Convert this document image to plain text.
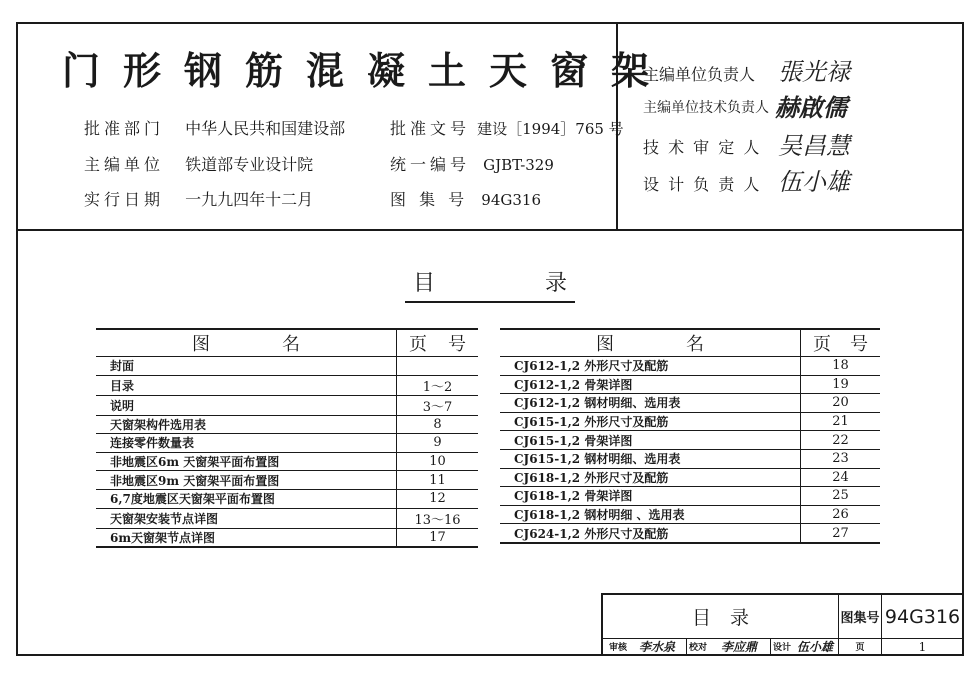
门 形 钢 筋 混 凝 土 天 窗 架
批准部门 中华人民共和国建设部
主编单位 铁道部专业设计院
实行日期 一九九四年十二月
批准文号 建设［1994］765 号
统一编号 GJBT-329
图 集 号 94G316
主编单位负责人 張光禄
主编单位技术负责人 赫啟儒
技 术 审 定 人 吴昌慧
设 计 负 责 人 伍小雄
目	录
图 名	页 号

封面	
目录	1～2
说明	3～7
天窗架构件选用表	8
连接零件数量表	9
非地震区6m 天窗架平面布置图	10
非地震区9m 天窗架平面布置图	11
6,7度地震区天窗架平面布置图	12
天窗架安装节点详图	13～16
6m天窗架节点详图	17
图 名	页 号

CJ612-1,2 外形尺寸及配筋	18
CJ612-1,2 骨架详图	19
CJ612-1,2 钢材明细、选用表	20
CJ615-1,2 外形尺寸及配筋	21
CJ615-1,2 骨架详图	22
CJ615-1,2 钢材明细、选用表	23
CJ618-1,2 外形尺寸及配筋	24
CJ618-1,2 骨架详图	25
CJ618-1,2 钢材明细 、选用表	26
CJ624-1,2 外形尺寸及配筋	27
目　录	图集号 94G316
审核 李水泉	校对	李应鼎	设计 伍小雄	页	1
